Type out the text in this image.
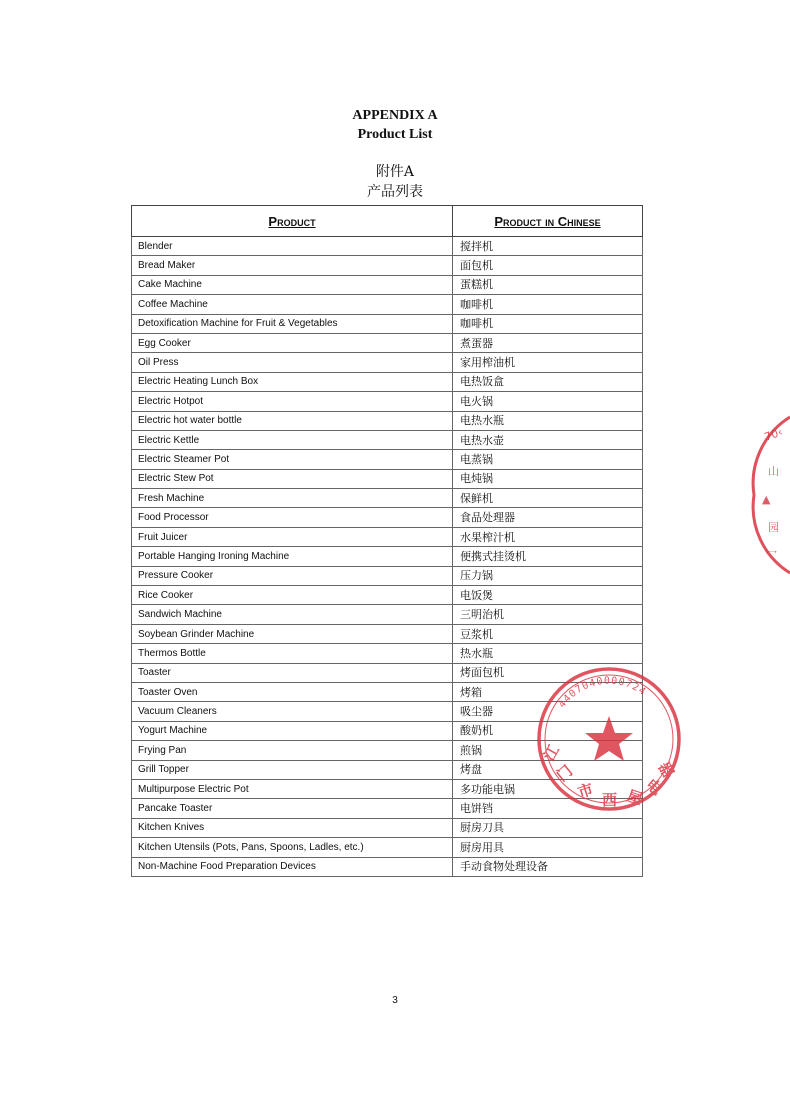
APPENDIX A
Product List
附件A
产品列表
Product	Product in Chinese
Blender	搅拌机
Bread Maker	面包机
Cake Machine	蛋糕机
Coffee Machine	咖啡机
Detoxification Machine for Fruit & Vegetables	咖啡机
Egg Cooker	煮蛋器
Oil Press	家用榨油机
Electric Heating Lunch Box	电热饭盒
Electric Hotpot	电火锅
Electric hot water bottle	电热水瓶
Electric Kettle	电热水壶
Electric Steamer Pot	电蒸锅
Electric Stew Pot	电炖锅
Fresh Machine	保鲜机
Food Processor	食品处理器
Fruit Juicer	水果榨汁机
Portable Hanging Ironing Machine	便携式挂烫机
Pressure Cooker	压力锅
Rice Cooker	电饭煲
Sandwich Machine	三明治机
Soybean Grinder Machine	豆浆机
Thermos Bottle	热水瓶
Toaster	烤面包机
Toaster Oven	烤箱
Vacuum Cleaners	吸尘器
Yogurt Machine	酸奶机
Frying Pan	煎锅
Grill Topper	烤盘
Multipurpose Electric Pot	多功能电锅
Pancake Toaster	电饼铛
Kitchen Knives	厨房刀具
Kitchen Utensils (Pots, Pans, Spoons, Ladles, etc.)	厨房用具
Non-Machine Food Preparation Devices	手动食物处理设备
70‹
山
▲
园
冖
4407040000724
江
门
市 西 屋
电
器
3
